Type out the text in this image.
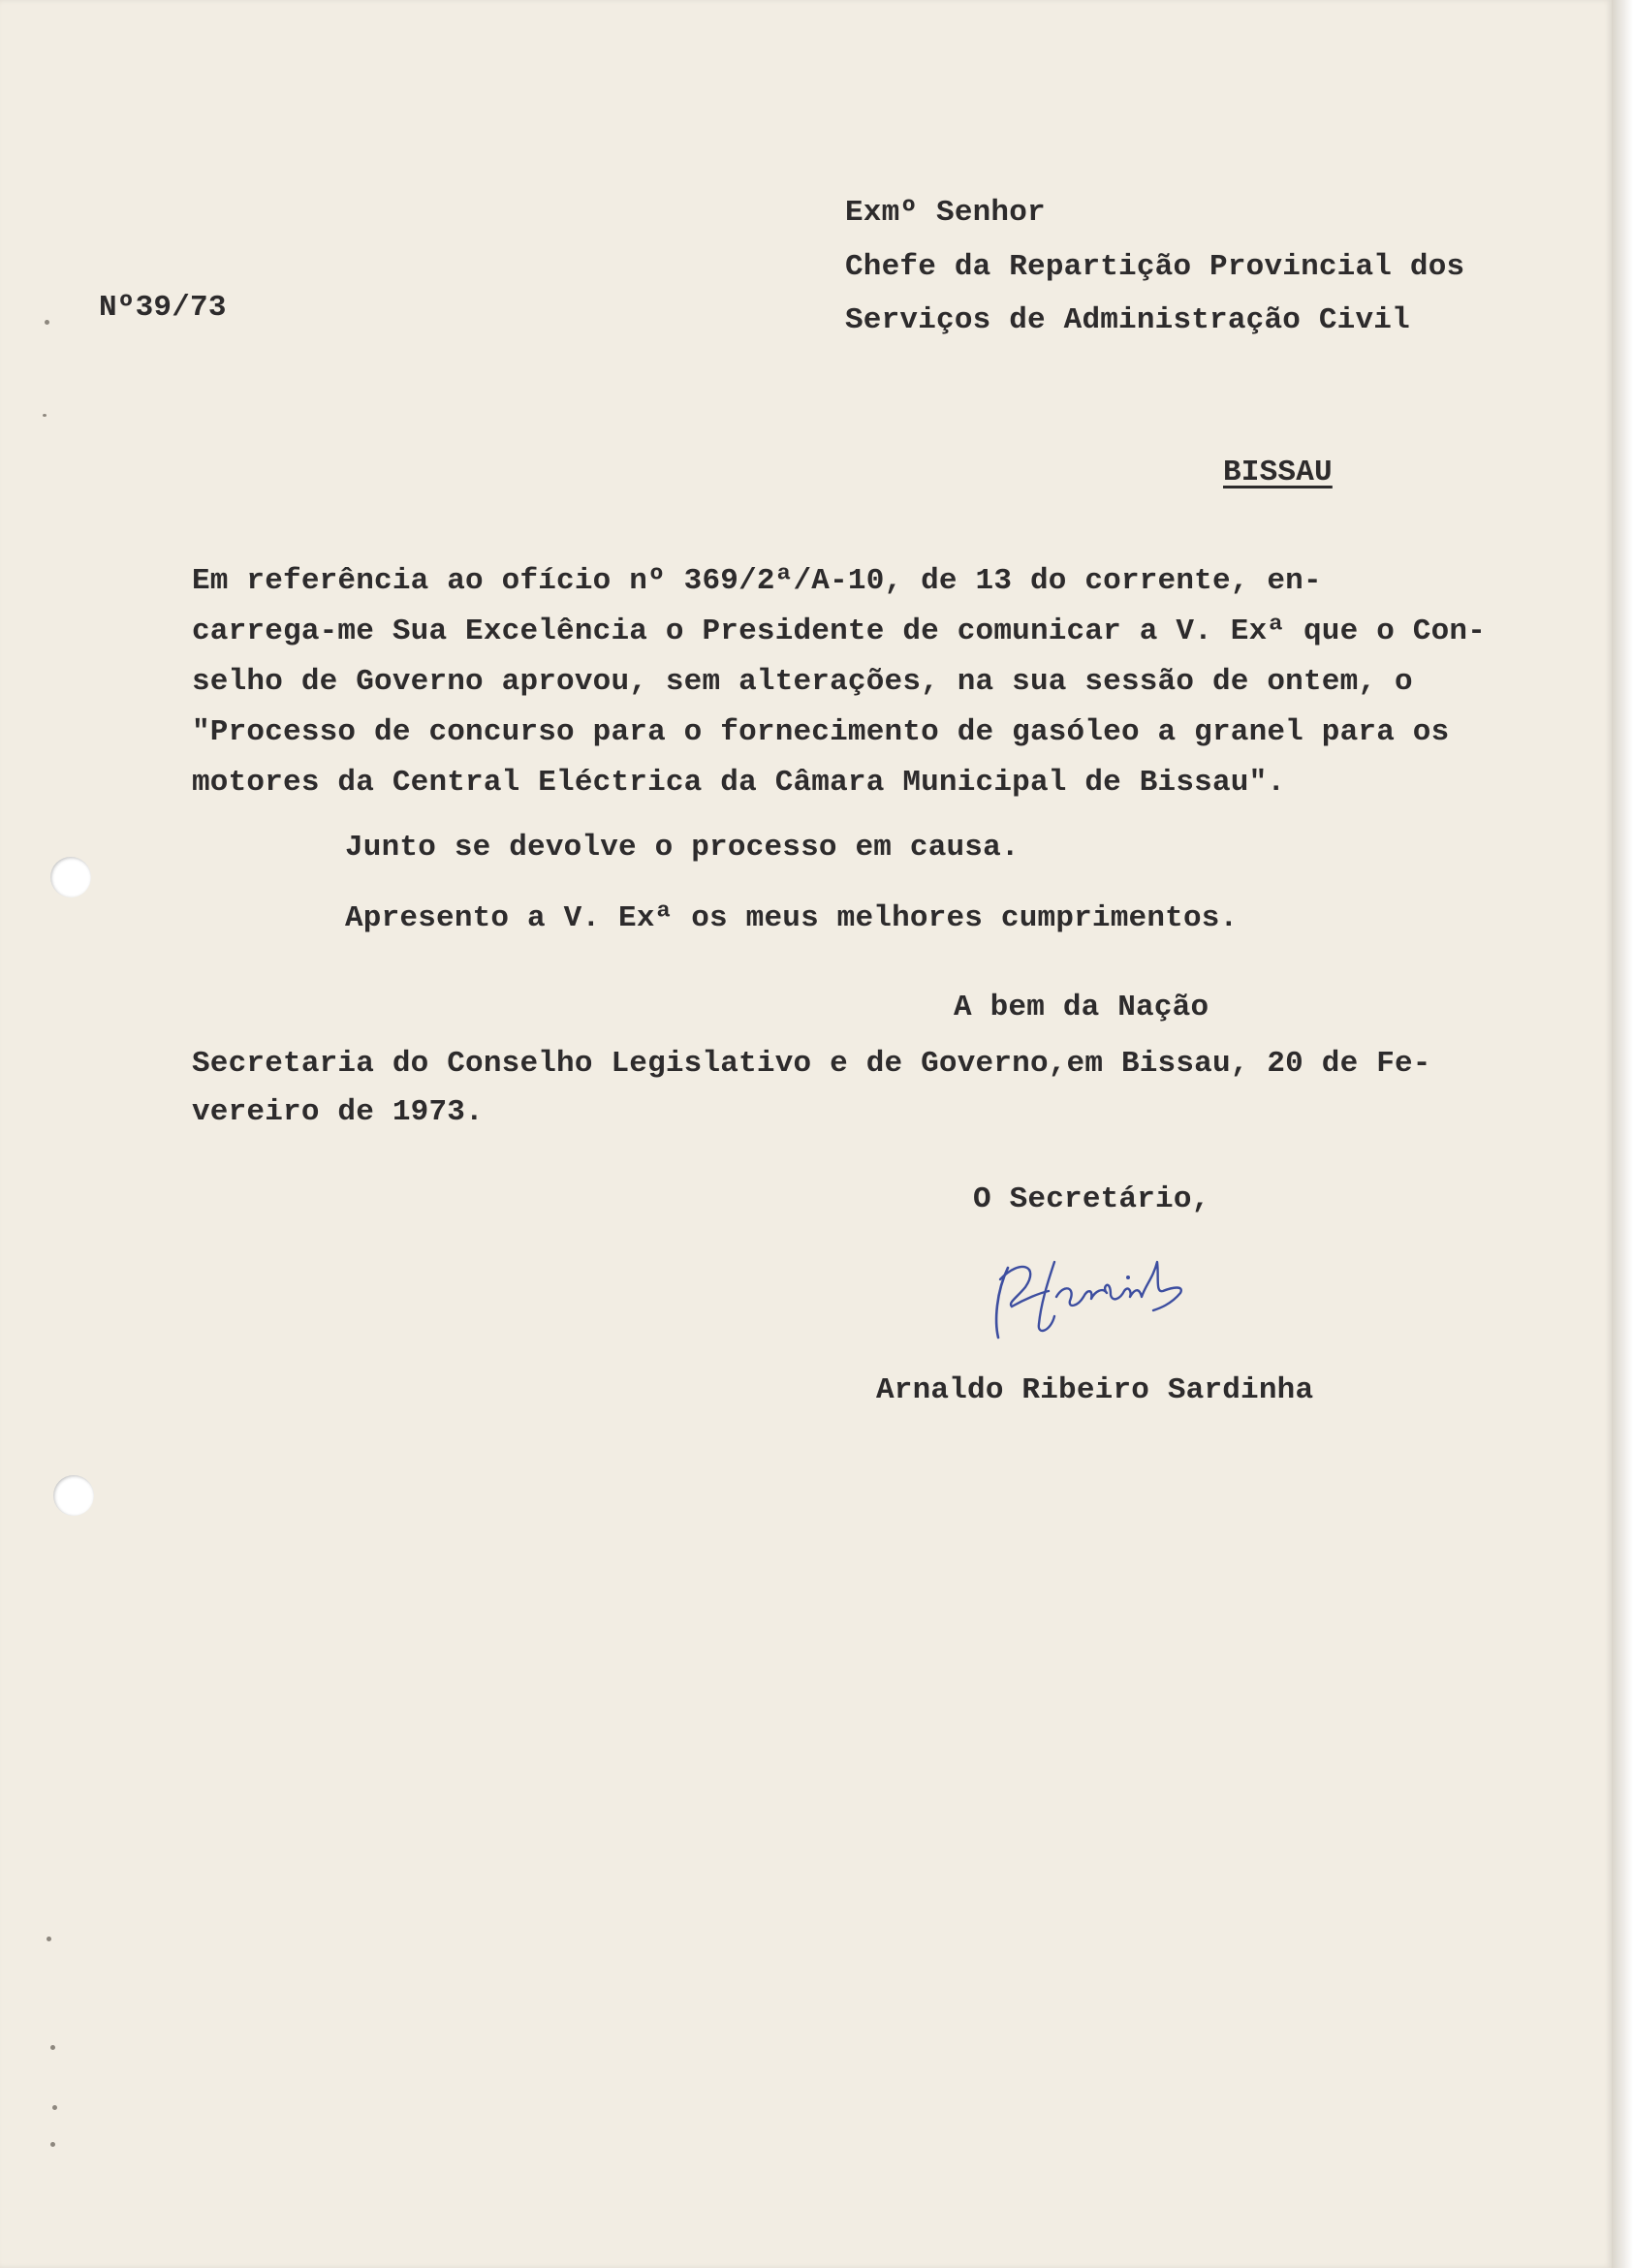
Nº39/73

Exmº Senhor

Chefe da Repartição Provincial dos

Serviços de Administração Civil

BISSAU

Em referência ao ofício nº 369/2ª/A-10, de 13 do corrente, en-
carrega-me Sua Excelência o Presidente de comunicar a V. Exª que o Con-
selho de Governo aprovou, sem alterações, na sua sessão de ontem, o
"Processo de concurso para o fornecimento de gasóleo a granel para os
motores da Central Eléctrica da Câmara Municipal de Bissau".

Junto se devolve o processo em causa.

Apresento a V. Exª os meus melhores cumprimentos.

A bem da Nação

Secretaria do Conselho Legislativo e de Governo,em Bissau, 20 de Fe-
vereiro de 1973.

O Secretário,

Arnaldo Ribeiro Sardinha
